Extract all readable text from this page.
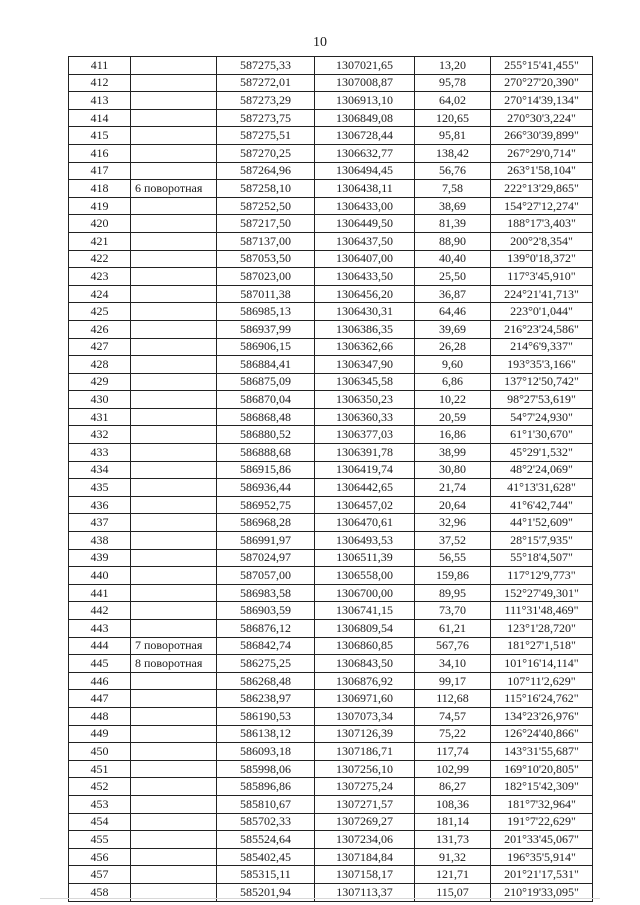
10
411		587275,33	1307021,65	13,20	255°15'41,455"
412		587272,01	1307008,87	95,78	270°27'20,390"
413		587273,29	1306913,10	64,02	270°14'39,134"
414		587273,75	1306849,08	120,65	270°30'3,224"
415		587275,51	1306728,44	95,81	266°30'39,899"
416		587270,25	1306632,77	138,42	267°29'0,714"
417		587264,96	1306494,45	56,76	263°1'58,104"
418	6 поворотная	587258,10	1306438,11	7,58	222°13'29,865"
419		587252,50	1306433,00	38,69	154°27'12,274"
420		587217,50	1306449,50	81,39	188°17'3,403"
421		587137,00	1306437,50	88,90	200°2'8,354"
422		587053,50	1306407,00	40,40	139°0'18,372"
423		587023,00	1306433,50	25,50	117°3'45,910"
424		587011,38	1306456,20	36,87	224°21'41,713"
425		586985,13	1306430,31	64,46	223°0'1,044"
426		586937,99	1306386,35	39,69	216°23'24,586"
427		586906,15	1306362,66	26,28	214°6'9,337"
428		586884,41	1306347,90	9,60	193°35'3,166"
429		586875,09	1306345,58	6,86	137°12'50,742"
430		586870,04	1306350,23	10,22	98°27'53,619"
431		586868,48	1306360,33	20,59	54°7'24,930"
432		586880,52	1306377,03	16,86	61°1'30,670"
433		586888,68	1306391,78	38,99	45°29'1,532"
434		586915,86	1306419,74	30,80	48°2'24,069"
435		586936,44	1306442,65	21,74	41°13'31,628"
436		586952,75	1306457,02	20,64	41°6'42,744"
437		586968,28	1306470,61	32,96	44°1'52,609"
438		586991,97	1306493,53	37,52	28°15'7,935"
439		587024,97	1306511,39	56,55	55°18'4,507"
440		587057,00	1306558,00	159,86	117°12'9,773"
441		586983,58	1306700,00	89,95	152°27'49,301"
442		586903,59	1306741,15	73,70	111°31'48,469"
443		586876,12	1306809,54	61,21	123°1'28,720"
444	7 поворотная	586842,74	1306860,85	567,76	181°27'1,518"
445	8 поворотная	586275,25	1306843,50	34,10	101°16'14,114"
446		586268,48	1306876,92	99,17	107°11'2,629"
447		586238,97	1306971,60	112,68	115°16'24,762"
448		586190,53	1307073,34	74,57	134°23'26,976"
449		586138,12	1307126,39	75,22	126°24'40,866"
450		586093,18	1307186,71	117,74	143°31'55,687"
451		585998,06	1307256,10	102,99	169°10'20,805"
452		585896,86	1307275,24	86,27	182°15'42,309"
453		585810,67	1307271,57	108,36	181°7'32,964"
454		585702,33	1307269,27	181,14	191°7'22,629"
455		585524,64	1307234,06	131,73	201°33'45,067"
456		585402,45	1307184,84	91,32	196°35'5,914"
457		585315,11	1307158,17	121,71	201°21'17,531"
458		585201,94	1307113,37	115,07	210°19'33,095"
